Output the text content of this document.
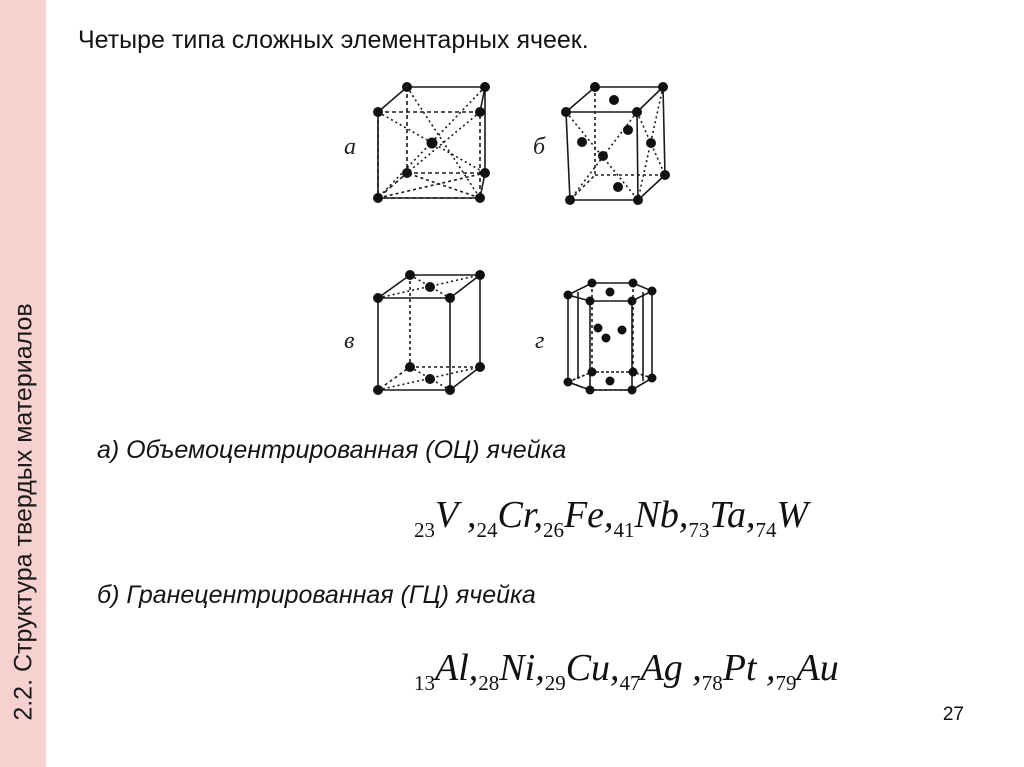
2.2. Структура твердых материалов
Четыре типа сложных элементарных ячеек.
а	б
в	г
а) Объемоцентрированная (ОЦ) ячейка
$_{23}$V $,_{24}Cr,_{26}Fe,_{41}Nb,_{73}Ta,_{74}W$
б) Гранецентрированная (ГЦ) ячейка
$_{13}Al,_{28}Ni,_{29}Cu,_{47}Ag$ $,_{78}Pt$ $,_{79}Au$
27
